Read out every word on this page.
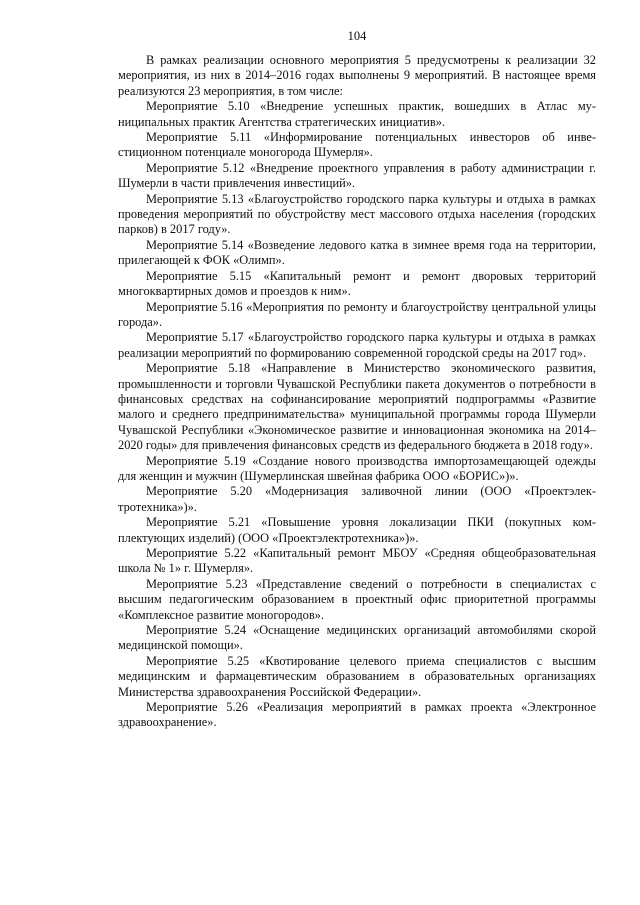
104

В рамках реализации основного мероприятия 5 предусмотрены к реализации 32 мероприятия, из них в 2014–2016 годах выполнены 9 мероприятий. В настоящее время реализуются 23 мероприятия, в том числе:

Мероприятие 5.10 «Внедрение успешных практик, вошедших в Атлас муниципальных практик Агентства стратегических инициатив».

Мероприятие 5.11 «Информирование потенциальных инвесторов об инвестиционном потенциале моногорода Шумерля».

Мероприятие 5.12 «Внедрение проектного управления в работу администрации г. Шумерли в части привлечения инвестиций».

Мероприятие 5.13 «Благоустройство городского парка культуры и отдыха в рамках проведения мероприятий по обустройству мест массового отдыха населения (городских парков) в 2017 году».

Мероприятие 5.14 «Возведение ледового катка в зимнее время года на территории, прилегающей к ФОК «Олимп».

Мероприятие 5.15 «Капитальный ремонт и ремонт дворовых территорий многоквартирных домов и проездов к ним».

Мероприятие 5.16 «Мероприятия по ремонту и благоустройству центральной улицы города».

Мероприятие 5.17 «Благоустройство городского парка культуры и отдыха в рамках реализации мероприятий по формированию современной городской среды на 2017 год».

Мероприятие 5.18 «Направление в Министерство экономического развития, промышленности и торговли Чувашской Республики пакета документов о потребности в финансовых средствах на софинансирование мероприятий подпрограммы «Развитие малого и среднего предпринимательства» муниципальной программы города Шумерли Чувашской Республики «Экономическое развитие и инновационная экономика на 2014–2020 годы» для привлечения финансовых средств из федерального бюджета в 2018 году».

Мероприятие 5.19 «Создание нового производства импортозамещающей одежды для женщин и мужчин (Шумерлинская швейная фабрика ООО «БОРИС»)».

Мероприятие 5.20 «Модернизация заливочной линии (ООО «Проектэлектротехника»)».

Мероприятие 5.21 «Повышение уровня локализации ПКИ (покупных комплектующих изделий) (ООО «Проектэлектротехника»)».

Мероприятие 5.22 «Капитальный ремонт МБОУ «Средняя общеобразовательная школа № 1» г. Шумерля».

Мероприятие 5.23 «Представление сведений о потребности в специалистах с высшим педагогическим образованием в проектный офис приоритетной программы «Комплексное развитие моногородов».

Мероприятие 5.24 «Оснащение медицинских организаций автомобилями скорой медицинской помощи».

Мероприятие 5.25 «Квотирование целевого приема специалистов с высшим медицинским и фармацевтическим образованием в образовательных организациях Министерства здравоохранения Российской Федерации».

Мероприятие 5.26 «Реализация мероприятий в рамках проекта «Электронное здравоохранение».
